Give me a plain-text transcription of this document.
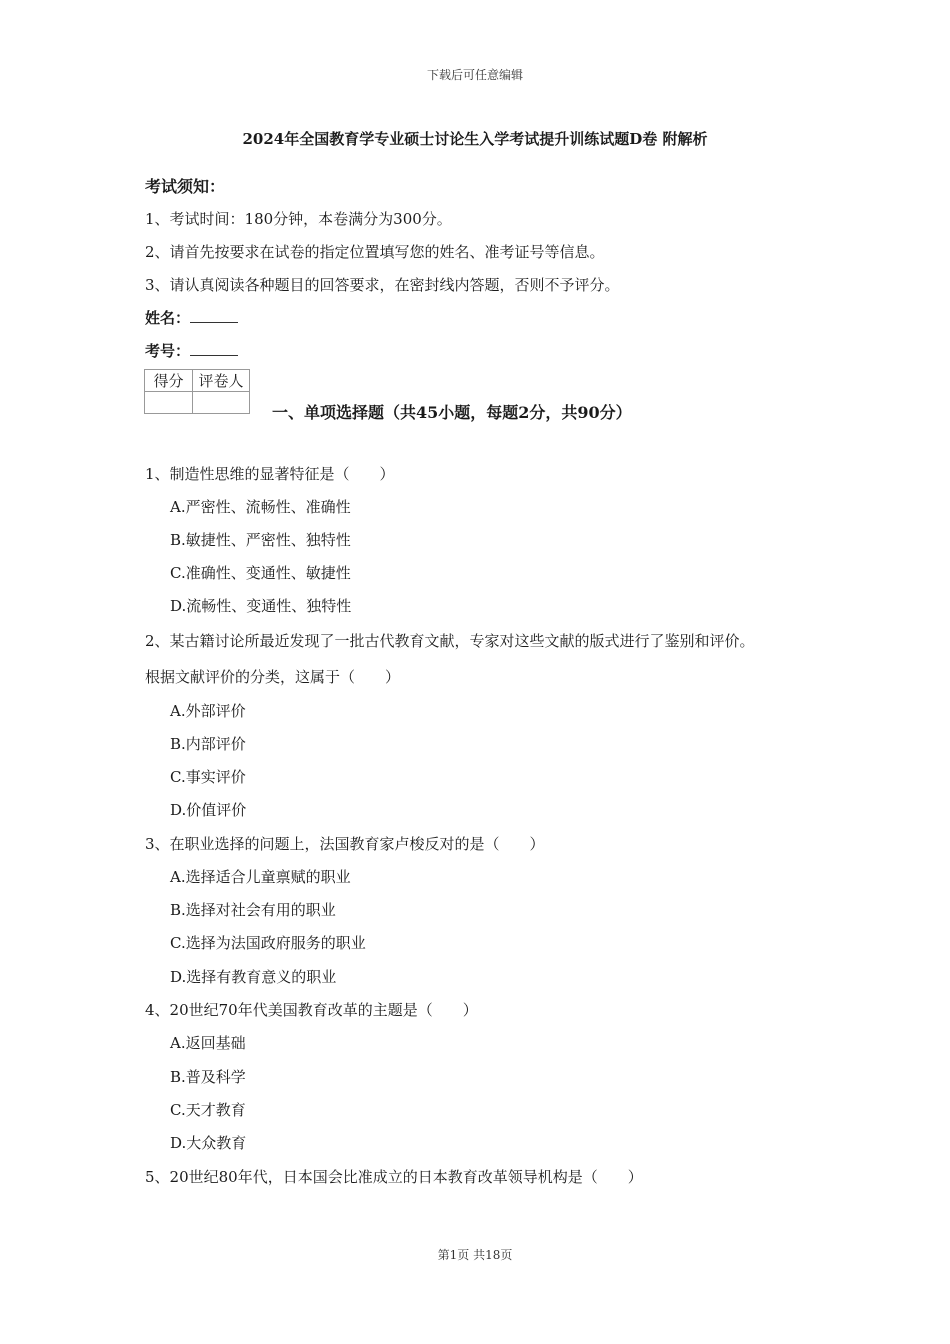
下载后可任意编辑
2024年全国教育学专业硕士讨论生入学考试提升训练试题D卷 附解析
考试须知：
1、考试时间：180分钟，本卷满分为300分。
2、请首先按要求在试卷的指定位置填写您的姓名、准考证号等信息。
3、请认真阅读各种题目的回答要求，在密封线内答题，否则不予评分。
姓名：
考号：
得分	评卷人

一、单项选择题（共45小题，每题2分，共90分）
1、制造性思维的显著特征是（　　）
A.严密性、流畅性、准确性
B.敏捷性、严密性、独特性
C.准确性、变通性、敏捷性
D.流畅性、变通性、独特性
2、某古籍讨论所最近发现了一批古代教育文献，专家对这些文献的版式进行了鉴别和评价。
根据文献评价的分类，这属于（　　）
A.外部评价
B.内部评价
C.事实评价
D.价值评价
3、在职业选择的问题上，法国教育家卢梭反对的是（　　）
A.选择适合儿童禀赋的职业
B.选择对社会有用的职业
C.选择为法国政府服务的职业
D.选择有教育意义的职业
4、20世纪70年代美国教育改革的主题是（　　）
A.返回基础
B.普及科学
C.天才教育
D.大众教育
5、20世纪80年代，日本国会比准成立的日本教育改革领导机构是（　　）
第1页 共18页
